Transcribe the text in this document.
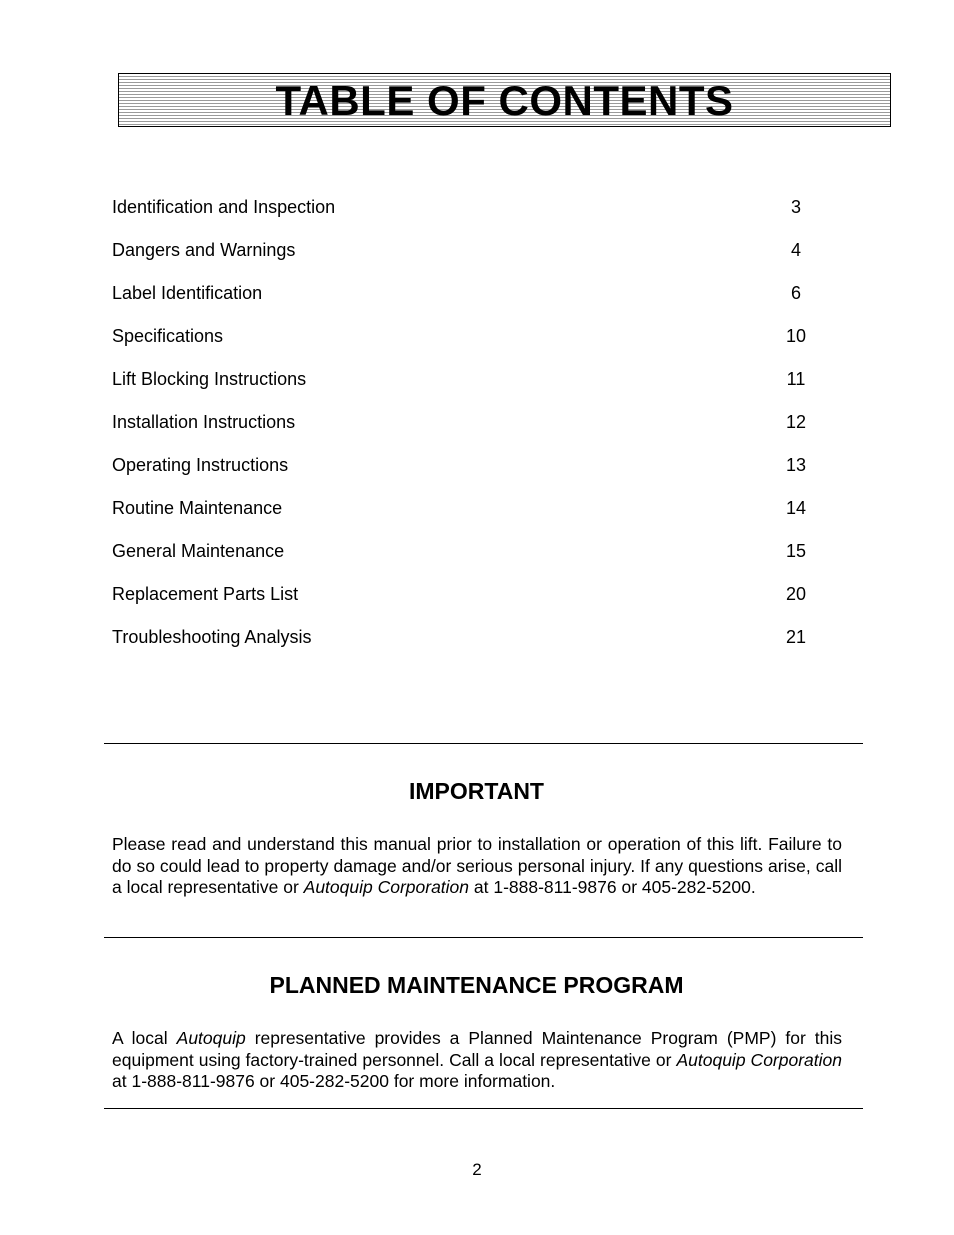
TABLE OF CONTENTS
Identification and Inspection	3
Dangers and Warnings	4
Label Identification	6
Specifications	10
Lift Blocking Instructions	11
Installation Instructions	12
Operating Instructions	13
Routine Maintenance	14
General Maintenance	15
Replacement Parts List	20
Troubleshooting Analysis	21
IMPORTANT
Please read and understand this manual prior to installation or operation of this lift. Failure to do so could lead to property damage and/or serious personal injury. If any questions arise, call a local representative or Autoquip Corporation at 1-888-811-9876 or 405-282-5200.
PLANNED MAINTENANCE PROGRAM
A local Autoquip representative provides a Planned Maintenance Program (PMP) for this equipment using factory-trained personnel. Call a local representative or Autoquip Corporation at 1-888-811-9876 or 405-282-5200 for more information.
2
